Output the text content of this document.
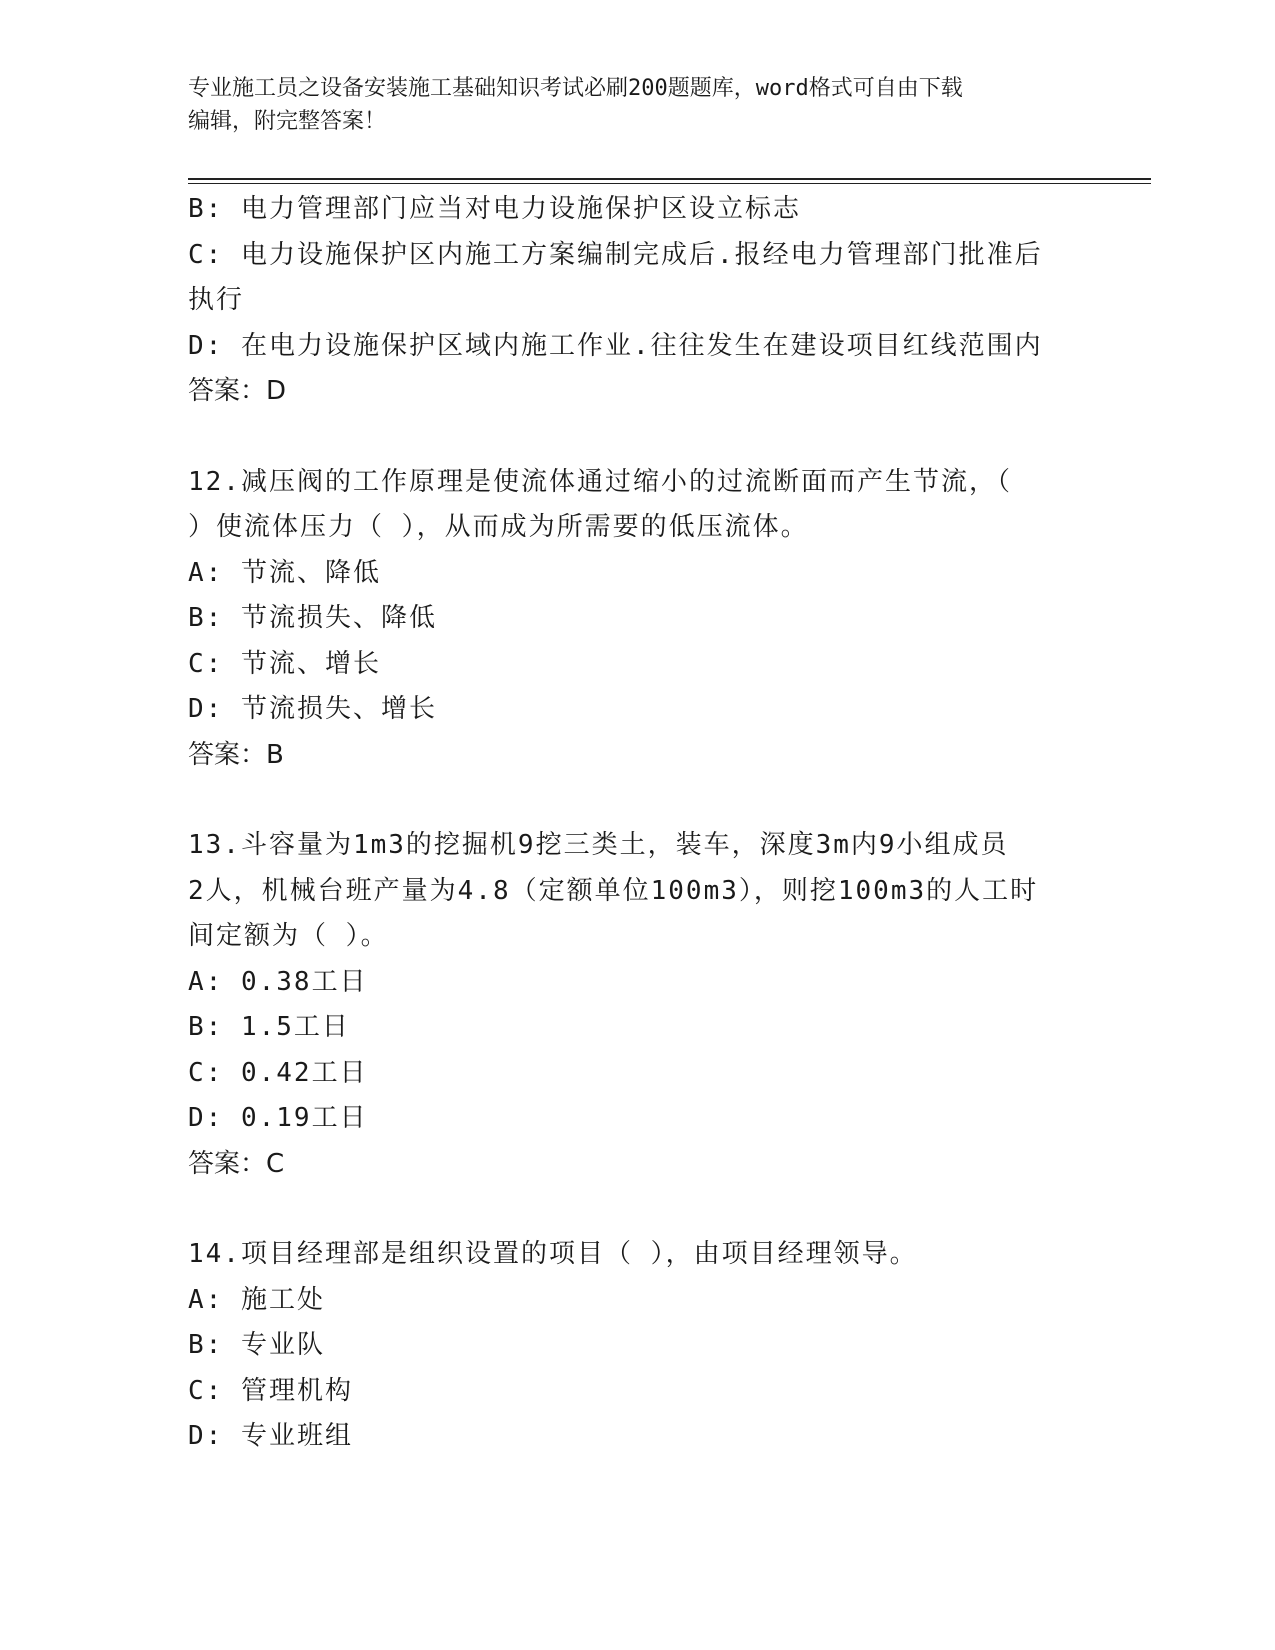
专业施工员之设备安装施工基础知识考试必刷200题题库，word格式可自由下载
编辑，附完整答案！
B: 电力管理部门应当对电力设施保护区设立标志
C: 电力设施保护区内施工方案编制完成后.报经电力管理部门批准后
执行
D: 在电力设施保护区域内施工作业.往往发生在建设项目红线范围内
答案：D
12.减压阀的工作原理是使流体通过缩小的过流断面而产生节流，（
）使流体压力（ ），从而成为所需要的低压流体。
A: 节流、降低
B: 节流损失、降低
C: 节流、增长
D: 节流损失、增长
答案：B
13.斗容量为1m3的挖掘机9挖三类土，装车，深度3m内9小组成员
2人，机械台班产量为4.8（定额单位100m3），则挖100m3的人工时
间定额为（ ）。
A: 0.38工日
B: 1.5工日
C: 0.42工日
D: 0.19工日
答案：C
14.项目经理部是组织设置的项目（ ），由项目经理领导。
A: 施工处
B: 专业队
C: 管理机构
D: 专业班组
